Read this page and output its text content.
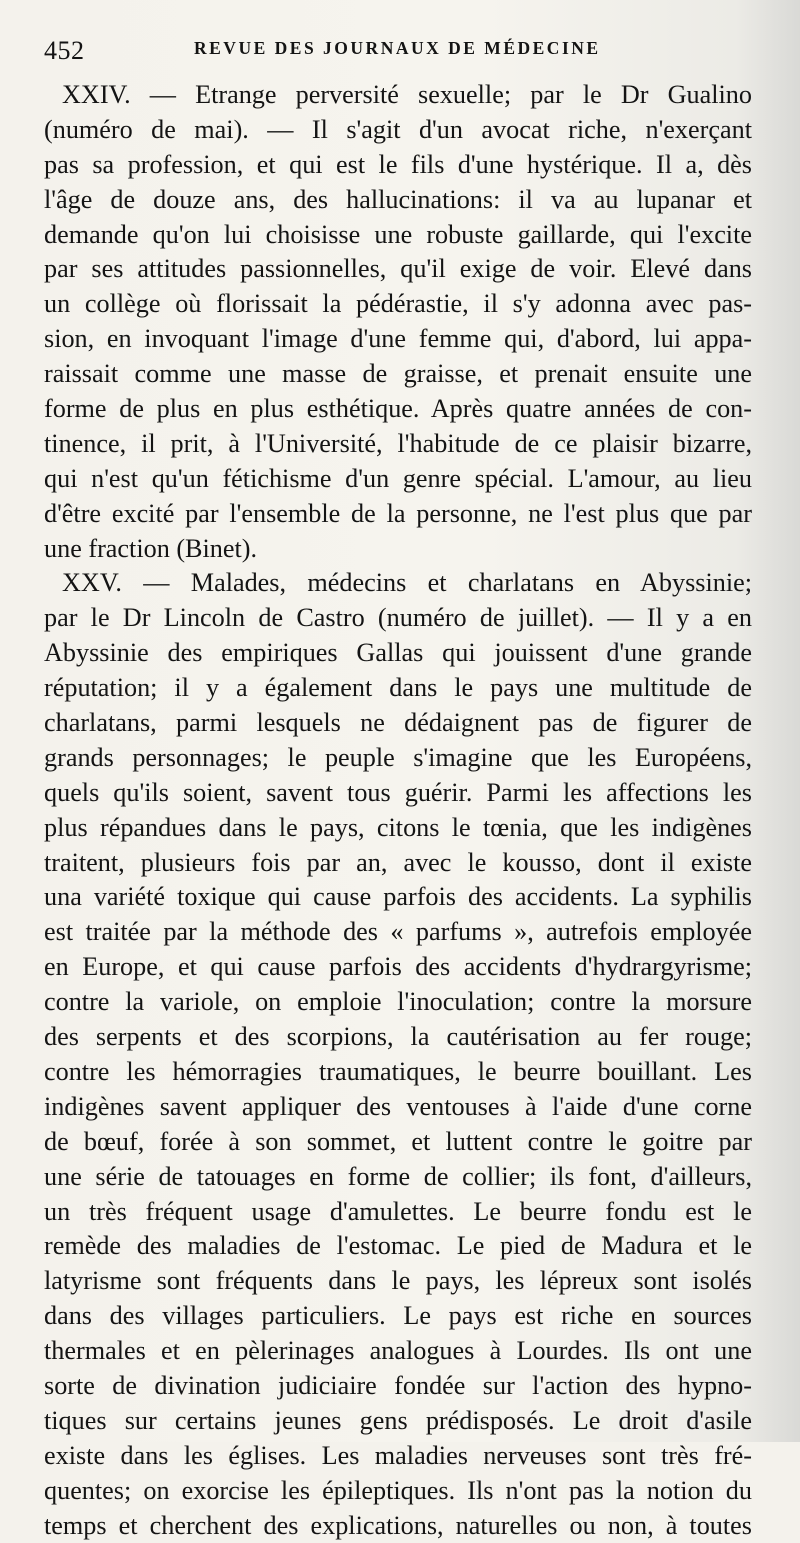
452	REVUE DES JOURNAUX DE MÉDECINE
XXIV. — Etrange perversité sexuelle; par le Dr Gualino
(numéro de mai). — Il s'agit d'un avocat riche, n'exerçant
pas sa profession, et qui est le fils d'une hystérique. Il a, dès
l'âge de douze ans, des hallucinations: il va au lupanar et
demande qu'on lui choisisse une robuste gaillarde, qui l'excite
par ses attitudes passionnelles, qu'il exige de voir. Elevé dans
un collège où florissait la pédérastie, il s'y adonna avec pas-
sion, en invoquant l'image d'une femme qui, d'abord, lui appa-
raissait comme une masse de graisse, et prenait ensuite une
forme de plus en plus esthétique. Après quatre années de con-
tinence, il prit, à l'Université, l'habitude de ce plaisir bizarre,
qui n'est qu'un fétichisme d'un genre spécial. L'amour, au lieu
d'être excité par l'ensemble de la personne, ne l'est plus que par
une fraction (Binet).
XXV. — Malades, médecins et charlatans en Abyssinie;
par le Dr Lincoln de Castro (numéro de juillet). — Il y a en
Abyssinie des empiriques Gallas qui jouissent d'une grande
réputation; il y a également dans le pays une multitude de
charlatans, parmi lesquels ne dédaignent pas de figurer de
grands personnages; le peuple s'imagine que les Européens,
quels qu'ils soient, savent tous guérir. Parmi les affections les
plus répandues dans le pays, citons le tœnia, que les indigènes
traitent, plusieurs fois par an, avec le kousso, dont il existe
una variété toxique qui cause parfois des accidents. La syphilis
est traitée par la méthode des « parfums », autrefois employée
en Europe, et qui cause parfois des accidents d'hydrargyrisme;
contre la variole, on emploie l'inoculation; contre la morsure
des serpents et des scorpions, la cautérisation au fer rouge;
contre les hémorragies traumatiques, le beurre bouillant. Les
indigènes savent appliquer des ventouses à l'aide d'une corne
de bœuf, forée à son sommet, et luttent contre le goitre par
une série de tatouages en forme de collier; ils font, d'ailleurs,
un très fréquent usage d'amulettes. Le beurre fondu est le
remède des maladies de l'estomac. Le pied de Madura et le
latyrisme sont fréquents dans le pays, les lépreux sont isolés
dans des villages particuliers. Le pays est riche en sources
thermales et en pèlerinages analogues à Lourdes. Ils ont une
sorte de divination judiciaire fondée sur l'action des hypno-
tiques sur certains jeunes gens prédisposés. Le droit d'asile
existe dans les églises. Les maladies nerveuses sont très fré-
quentes; on exorcise les épileptiques. Ils n'ont pas la notion du
temps et cherchent des explications, naturelles ou non, à toutes
